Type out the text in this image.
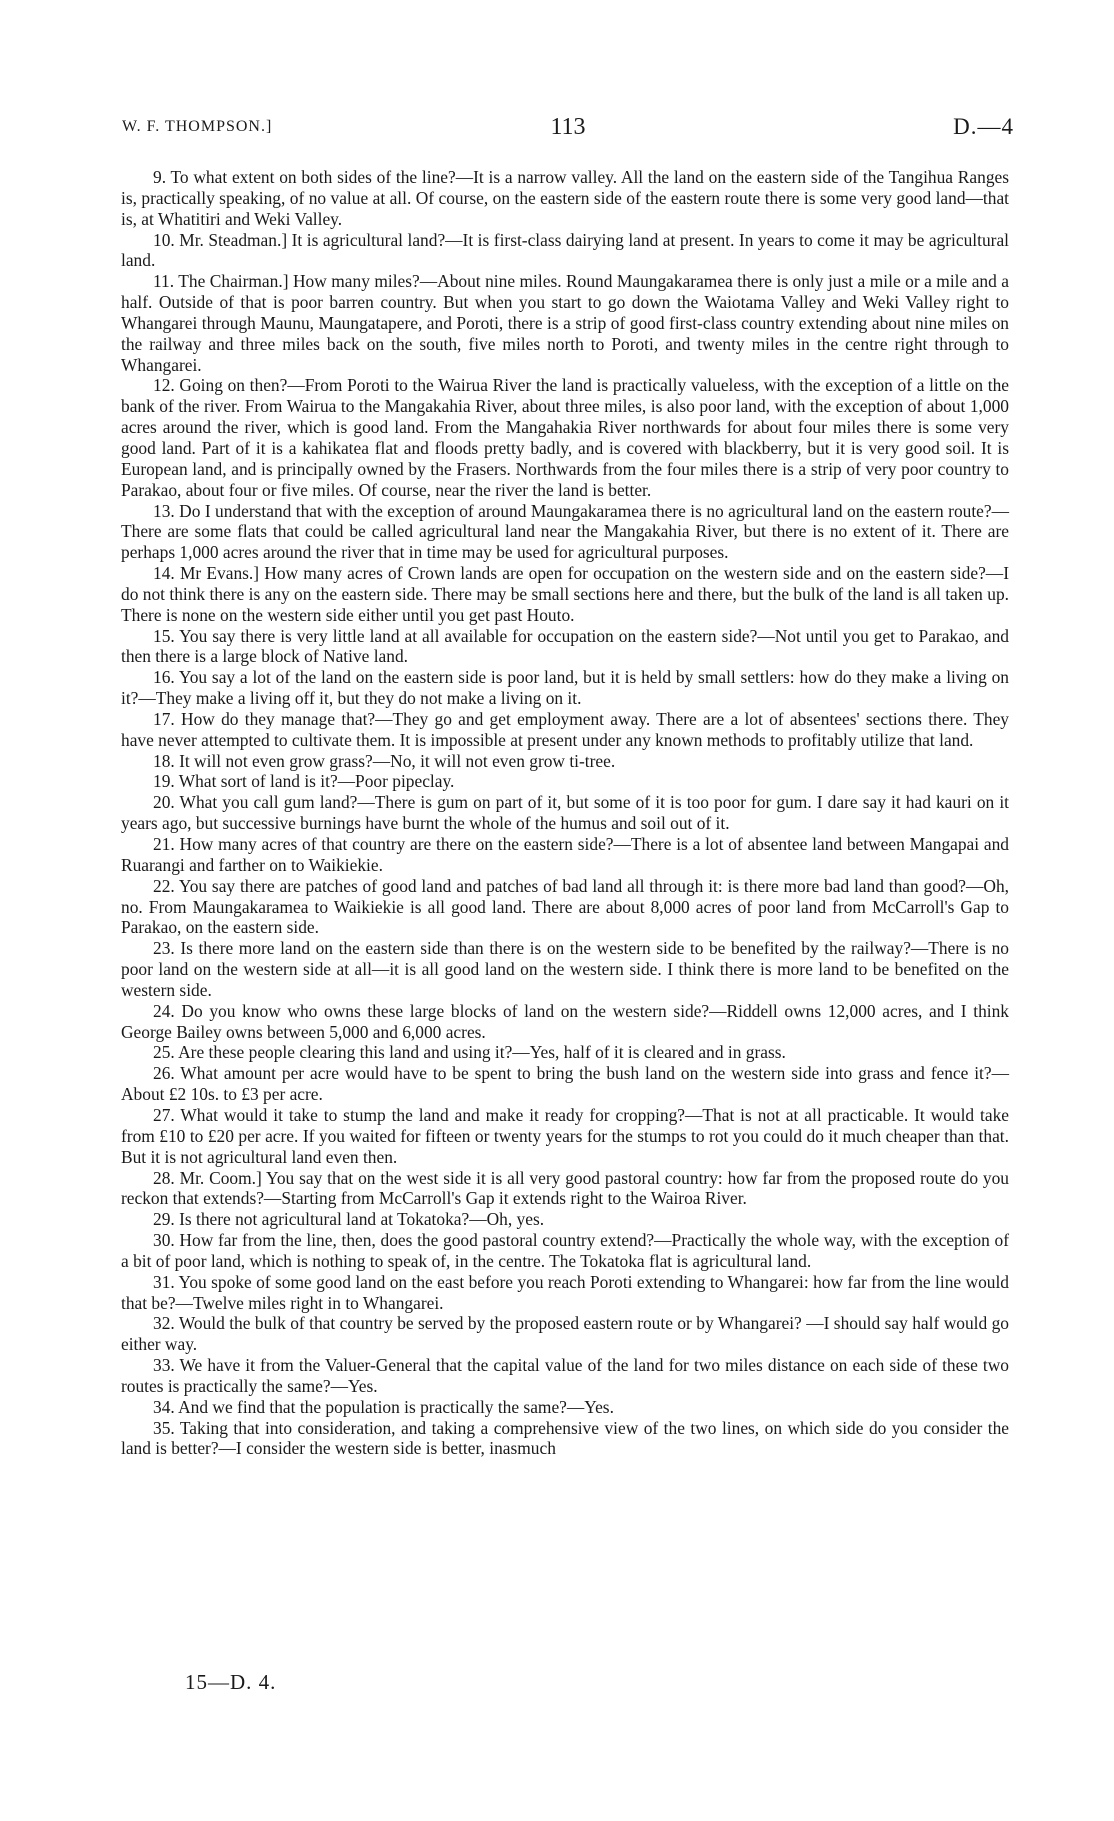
W. F. THOMPSON.]	113	D.—4

9. To what extent on both sides of the line?—It is a narrow valley. All the land on the eastern side of the Tangihua Ranges is, practically speaking, of no value at all. Of course, on the eastern side of the eastern route there is some very good land—that is, at Whatitiri and Weki Valley.

10. Mr. Steadman.] It is agricultural land?—It is first-class dairying land at present. In years to come it may be agricultural land.

11. The Chairman.] How many miles?—About nine miles. Round Maungakaramea there is only just a mile or a mile and a half. Outside of that is poor barren country. But when you start to go down the Waiotama Valley and Weki Valley right to Whangarei through Maunu, Maungatapere, and Poroti, there is a strip of good first-class country extending about nine miles on the railway and three miles back on the south, five miles north to Poroti, and twenty miles in the centre right through to Whangarei.

12. Going on then?—From Poroti to the Wairua River the land is practically valueless, with the exception of a little on the bank of the river. From Wairua to the Mangakahia River, about three miles, is also poor land, with the exception of about 1,000 acres around the river, which is good land. From the Mangahakia River northwards for about four miles there is some very good land. Part of it is a kahikatea flat and floods pretty badly, and is covered with blackberry, but it is very good soil. It is European land, and is principally owned by the Frasers. Northwards from the four miles there is a strip of very poor country to Parakao, about four or five miles. Of course, near the river the land is better.

13. Do I understand that with the exception of around Maungakaramea there is no agricultural land on the eastern route?—There are some flats that could be called agricultural land near the Mangakahia River, but there is no extent of it. There are perhaps 1,000 acres around the river that in time may be used for agricultural purposes.

14. Mr Evans.] How many acres of Crown lands are open for occupation on the western side and on the eastern side?—I do not think there is any on the eastern side. There may be small sections here and there, but the bulk of the land is all taken up. There is none on the western side either until you get past Houto.

15. You say there is very little land at all available for occupation on the eastern side?—Not until you get to Parakao, and then there is a large block of Native land.

16. You say a lot of the land on the eastern side is poor land, but it is held by small settlers: how do they make a living on it?—They make a living off it, but they do not make a living on it.

17. How do they manage that?—They go and get employment away. There are a lot of absentees' sections there. They have never attempted to cultivate them. It is impossible at present under any known methods to profitably utilize that land.

18. It will not even grow grass?—No, it will not even grow ti-tree.

19. What sort of land is it?—Poor pipeclay.

20. What you call gum land?—There is gum on part of it, but some of it is too poor for gum. I dare say it had kauri on it years ago, but successive burnings have burnt the whole of the humus and soil out of it.

21. How many acres of that country are there on the eastern side?—There is a lot of absentee land between Mangapai and Ruarangi and farther on to Waikiekie.

22. You say there are patches of good land and patches of bad land all through it: is there more bad land than good?—Oh, no. From Maungakaramea to Waikiekie is all good land. There are about 8,000 acres of poor land from McCarroll's Gap to Parakao, on the eastern side.

23. Is there more land on the eastern side than there is on the western side to be benefited by the railway?—There is no poor land on the western side at all—it is all good land on the western side. I think there is more land to be benefited on the western side.

24. Do you know who owns these large blocks of land on the western side?—Riddell owns 12,000 acres, and I think George Bailey owns between 5,000 and 6,000 acres.

25. Are these people clearing this land and using it?—Yes, half of it is cleared and in grass.

26. What amount per acre would have to be spent to bring the bush land on the western side into grass and fence it?—About £2 10s. to £3 per acre.

27. What would it take to stump the land and make it ready for cropping?—That is not at all practicable. It would take from £10 to £20 per acre. If you waited for fifteen or twenty years for the stumps to rot you could do it much cheaper than that. But it is not agricultural land even then.

28. Mr. Coom.] You say that on the west side it is all very good pastoral country: how far from the proposed route do you reckon that extends?—Starting from McCarroll's Gap it extends right to the Wairoa River.

29. Is there not agricultural land at Tokatoka?—Oh, yes.

30. How far from the line, then, does the good pastoral country extend?—Practically the whole way, with the exception of a bit of poor land, which is nothing to speak of, in the centre. The Tokatoka flat is agricultural land.

31. You spoke of some good land on the east before you reach Poroti extending to Whangarei: how far from the line would that be?—Twelve miles right in to Whangarei.

32. Would the bulk of that country be served by the proposed eastern route or by Whangarei? —I should say half would go either way.

33. We have it from the Valuer-General that the capital value of the land for two miles distance on each side of these two routes is practically the same?—Yes.

34. And we find that the population is practically the same?—Yes.

35. Taking that into consideration, and taking a comprehensive view of the two lines, on which side do you consider the land is better?—I consider the western side is better, inasmuch

15—D. 4.
